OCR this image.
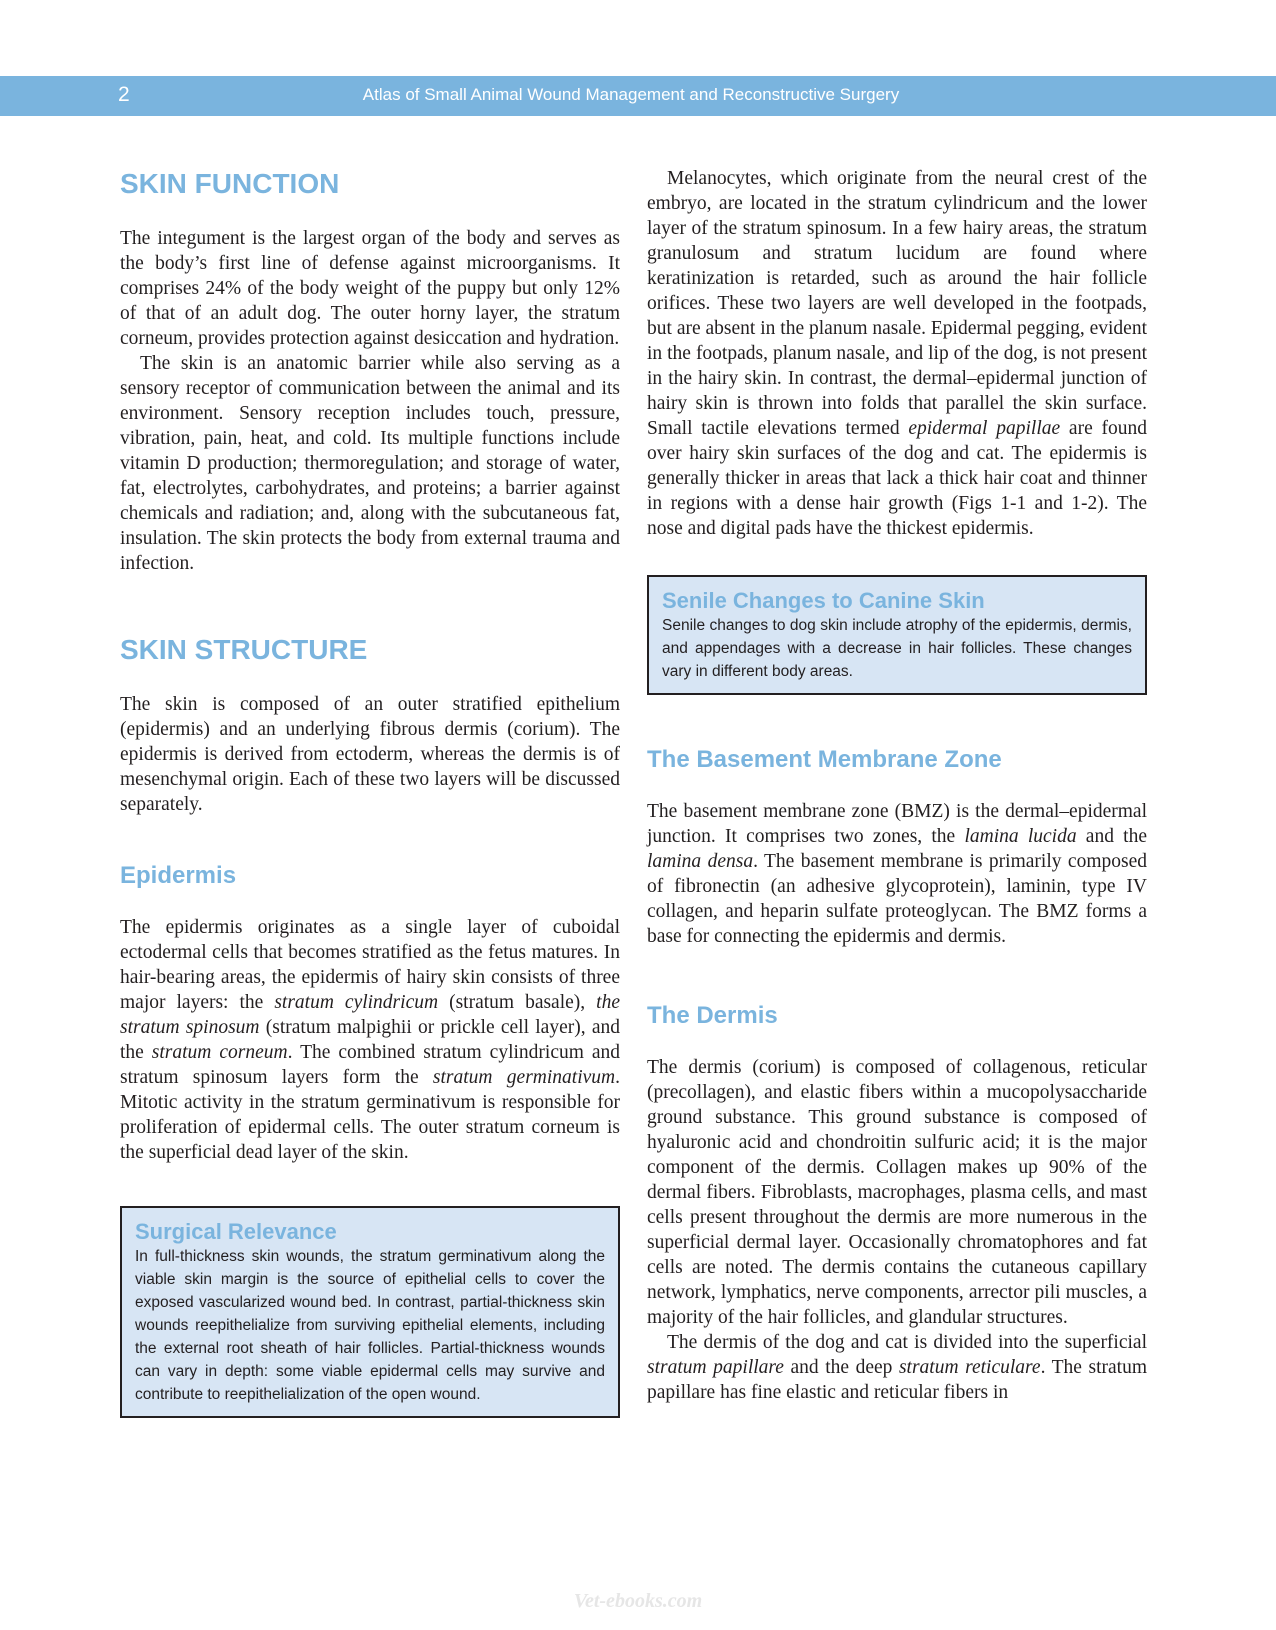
2	Atlas of Small Animal Wound Management and Reconstructive Surgery
SKIN FUNCTION

The integument is the largest organ of the body and serves as the body’s first line of defense against microorganisms. It comprises 24% of the body weight of the puppy but only 12% of that of an adult dog. The outer horny layer, the stratum corneum, provides protection against desiccation and hydration.

The skin is an anatomic barrier while also serving as a sensory receptor of communication between the animal and its environment. Sensory reception includes touch, pressure, vibration, pain, heat, and cold. Its multiple functions include vitamin D production; thermoregulation; and storage of water, fat, electrolytes, carbohydrates, and proteins; a barrier against chemicals and radiation; and, along with the subcutaneous fat, insulation. The skin protects the body from external trauma and infection.

SKIN STRUCTURE

The skin is composed of an outer stratified epithelium (epidermis) and an underlying fibrous dermis (corium). The epidermis is derived from ectoderm, whereas the dermis is of mesenchymal origin. Each of these two layers will be discussed separately.

Epidermis

The epidermis originates as a single layer of cuboidal ectodermal cells that becomes stratified as the fetus matures. In hair-bearing areas, the epidermis of hairy skin consists of three major layers: the stratum cylindricum (stratum basale), the stratum spinosum (stratum malpighii or prickle cell layer), and the stratum corneum. The combined stratum cylindricum and stratum spinosum layers form the stratum germinativum. Mitotic activity in the stratum germinativum is responsible for proliferation of epidermal cells. The outer stratum corneum is the superficial dead layer of the skin.

Surgical Relevance
In full-thickness skin wounds, the stratum germinativum along the viable skin margin is the source of epithelial cells to cover the exposed vascularized wound bed. In contrast, partial-thickness skin wounds reepithelialize from surviving epithelial elements, including the external root sheath of hair follicles. Partial-thickness wounds can vary in depth: some viable epidermal cells may survive and contribute to reepithelialization of the open wound.

Melanocytes, which originate from the neural crest of the embryo, are located in the stratum cylindricum and the lower layer of the stratum spinosum. In a few hairy areas, the stratum granulosum and stratum lucidum are found where keratinization is retarded, such as around the hair follicle orifices. These two layers are well developed in the footpads, but are absent in the planum nasale. Epidermal pegging, evident in the footpads, planum nasale, and lip of the dog, is not present in the hairy skin. In contrast, the dermal–epidermal junction of hairy skin is thrown into folds that parallel the skin surface. Small tactile elevations termed epidermal papillae are found over hairy skin surfaces of the dog and cat. The epidermis is generally thicker in areas that lack a thick hair coat and thinner in regions with a dense hair growth (Figs 1-1 and 1-2). The nose and digital pads have the thickest epidermis.

Senile Changes to Canine Skin
Senile changes to dog skin include atrophy of the epidermis, dermis, and appendages with a decrease in hair follicles. These changes vary in different body areas.
The Basement Membrane Zone

The basement membrane zone (BMZ) is the dermal–epidermal junction. It comprises two zones, the lamina lucida and the lamina densa. The basement membrane is primarily composed of fibronectin (an adhesive glycoprotein), laminin, type IV collagen, and heparin sulfate proteoglycan. The BMZ forms a base for connecting the epidermis and dermis.

The Dermis

The dermis (corium) is composed of collagenous, reticular (precollagen), and elastic fibers within a mucopolysaccharide ground substance. This ground substance is composed of hyaluronic acid and chondroitin sulfuric acid; it is the major component of the dermis. Collagen makes up 90% of the dermal fibers. Fibroblasts, macrophages, plasma cells, and mast cells present throughout the dermis are more numerous in the superficial dermal layer. Occasionally chromatophores and fat cells are noted. The dermis contains the cutaneous capillary network, lymphatics, nerve components, arrector pili muscles, a majority of the hair follicles, and glandular structures.

The dermis of the dog and cat is divided into the superficial stratum papillare and the deep stratum reticulare. The stratum papillare has fine elastic and reticular fibers in

Vet-ebooks.com
